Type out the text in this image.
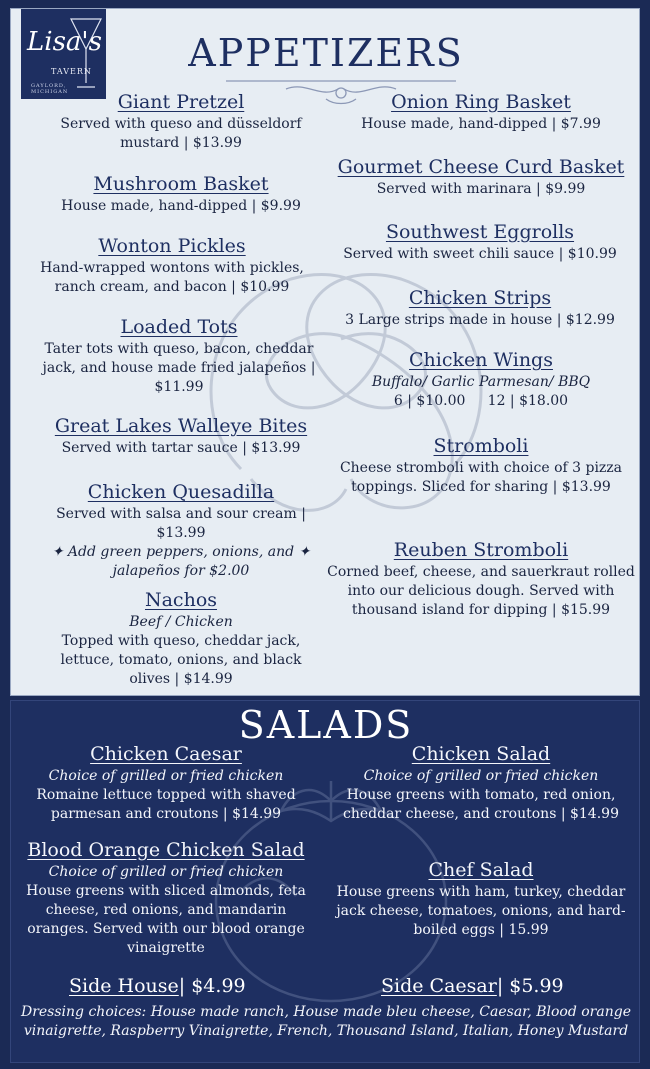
Lisa's
TAVERN
GAYLORD, MICHIGAN
APPETIZERS
Giant Pretzel
Served with queso and düsseldorf mustard | $13.99
Mushroom Basket
House made, hand-dipped | $9.99
Wonton Pickles
Hand-wrapped wontons with pickles, ranch cream, and bacon | $10.99
Loaded Tots
Tater tots with queso, bacon, cheddar jack, and house made fried jalapeños | $11.99
Great Lakes Walleye Bites
Served with tartar sauce | $13.99
Chicken Quesadilla
Served with salsa and sour cream | $13.99
✦ Add green peppers, onions, and ✦ jalapeños for $2.00
Nachos
Beef / Chicken
Topped with queso, cheddar jack, lettuce, tomato, onions, and black olives | $14.99
Onion Ring Basket
House made, hand-dipped | $7.99
Gourmet Cheese Curd Basket
Served with marinara | $9.99
Southwest Eggrolls
Served with sweet chili sauce | $10.99
Chicken Strips
3 Large strips made in house | $12.99
Chicken Wings
Buffalo/ Garlic Parmesan/ BBQ
6 | $10.00     12 | $18.00
Stromboli
Cheese stromboli with choice of 3 pizza toppings. Sliced for sharing | $13.99
Reuben Stromboli
Corned beef, cheese, and sauerkraut rolled into our delicious dough. Served with thousand island for dipping | $15.99
SALADS
Chicken Caesar
Choice of grilled or fried chicken
Romaine lettuce topped with shaved parmesan and croutons | $14.99
Chicken Salad
Choice of grilled or fried chicken
House greens with tomato, red onion, cheddar cheese, and croutons | $14.99
Blood Orange Chicken Salad
Choice of grilled or fried chicken
House greens with sliced almonds, feta cheese, red onions, and mandarin oranges. Served with our blood orange vinaigrette
Chef Salad
House greens with ham, turkey, cheddar jack cheese, tomatoes, onions, and hard-boiled eggs | 15.99
Side House| $4.99	Side Caesar| $5.99
Dressing choices: House made ranch, House made bleu cheese, Caesar, Blood orange vinaigrette, Raspberry Vinaigrette, French, Thousand Island, Italian, Honey Mustard
